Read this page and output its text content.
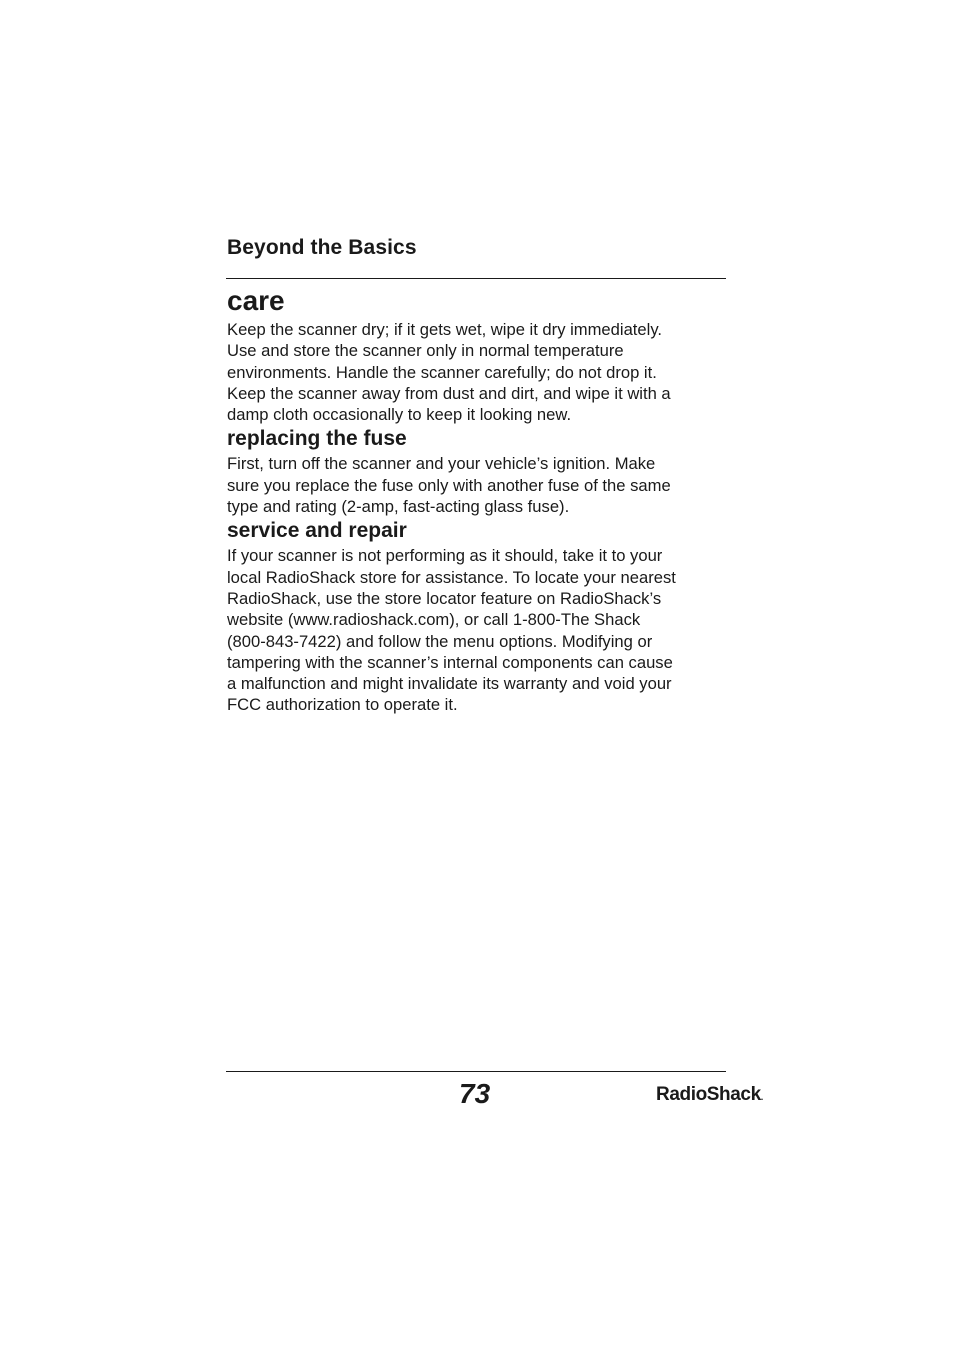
Beyond the Basics
care

Keep the scanner dry; if it gets wet, wipe it dry immediately.
Use and store the scanner only in normal temperature
environments. Handle the scanner carefully; do not drop it.
Keep the scanner away from dust and dirt, and wipe it with a
damp cloth occasionally to keep it looking new.

replacing the fuse

First, turn off the scanner and your vehicle’s ignition. Make
sure you replace the fuse only with another fuse of the same
type and rating (2-amp, fast-acting glass fuse).

service and repair

If your scanner is not performing as it should, take it to your
local RadioShack store for assistance. To locate your nearest
RadioShack, use the store locator feature on RadioShack’s
website (www.radioshack.com), or call 1-800-The Shack
(800-843-7422) and follow the menu options. Modifying or
tampering with the scanner’s internal components can cause
a malfunction and might invalidate its warranty and void your
FCC authorization to operate it.

73	RadioShack.
